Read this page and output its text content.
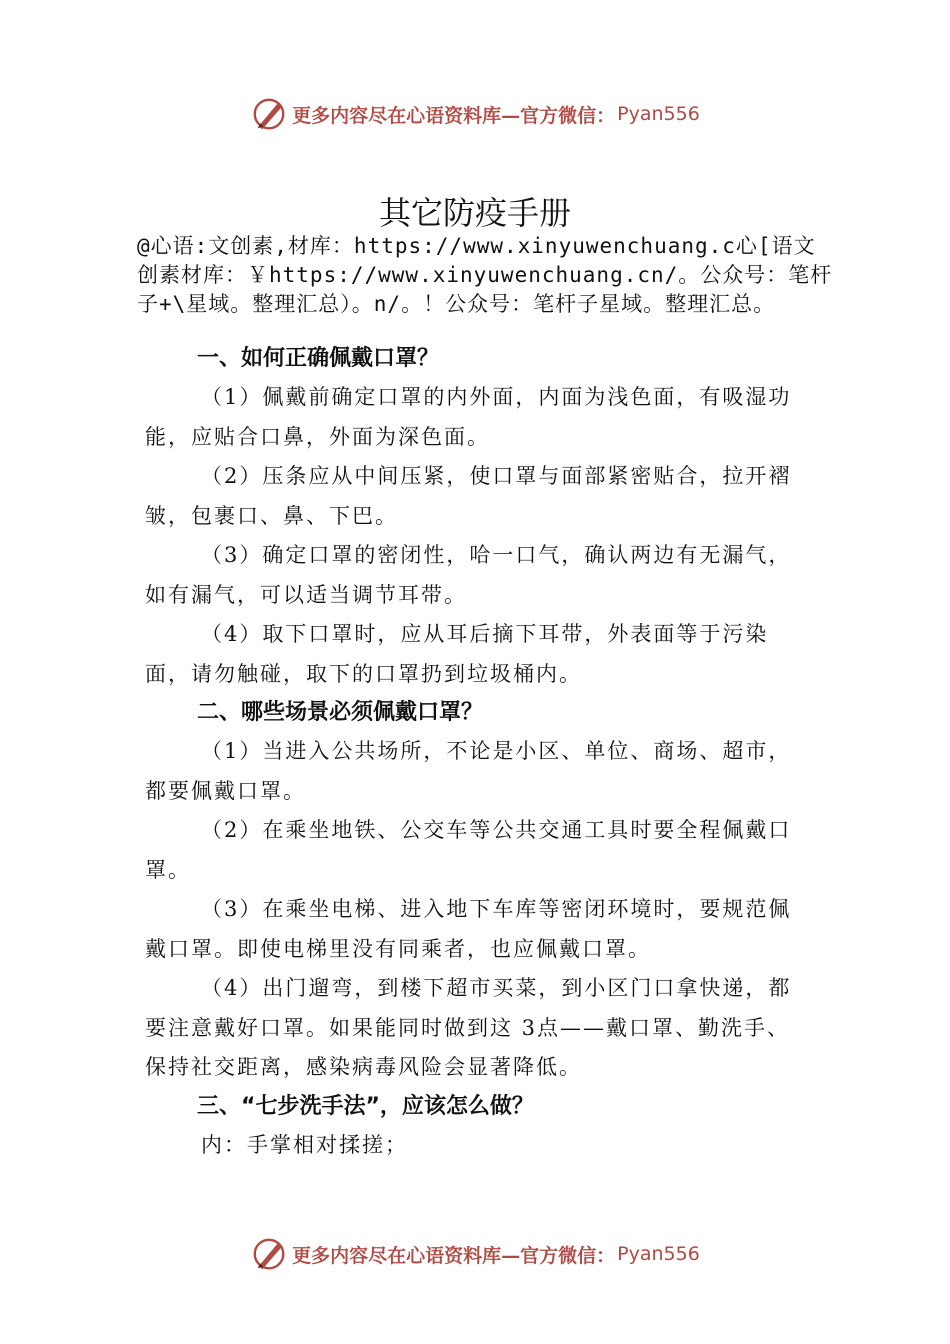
更多内容尽在心语资料库—官方微信： Pyan556
其它防疫手册
@心语:文创素,材库：https://www.xinyuwenchuang.c心[语文创素材库：￥https://www.xinyuwenchuang.cn/。公众号：笔杆子+\星域。整理汇总）。n/。！公众号：笔杆子星域。整理汇总。

一、如何正确佩戴口罩？

（1）佩戴前确定口罩的内外面，内面为浅色面，有吸湿功能，应贴合口鼻，外面为深色面。

（2）压条应从中间压紧，使口罩与面部紧密贴合，拉开褶皱，包裹口、鼻、下巴。

（3）确定口罩的密闭性，哈一口气，确认两边有无漏气，如有漏气，可以适当调节耳带。

（4）取下口罩时，应从耳后摘下耳带，外表面等于污染面，请勿触碰，取下的口罩扔到垃圾桶内。

二、哪些场景必须佩戴口罩？

（1）当进入公共场所，不论是小区、单位、商场、超市，都要佩戴口罩。

（2）在乘坐地铁、公交车等公共交通工具时要全程佩戴口罩。

（3）在乘坐电梯、进入地下车库等密闭环境时，要规范佩戴口罩。即使电梯里没有同乘者，也应佩戴口罩。

（4）出门遛弯，到楼下超市买菜，到小区门口拿快递，都要注意戴好口罩。如果能同时做到这 3点——戴口罩、勤洗手、保持社交距离，感染病毒风险会显著降低。

三、“七步洗手法”，应该怎么做？

内：手掌相对揉搓；

更多内容尽在心语资料库—官方微信： Pyan556
